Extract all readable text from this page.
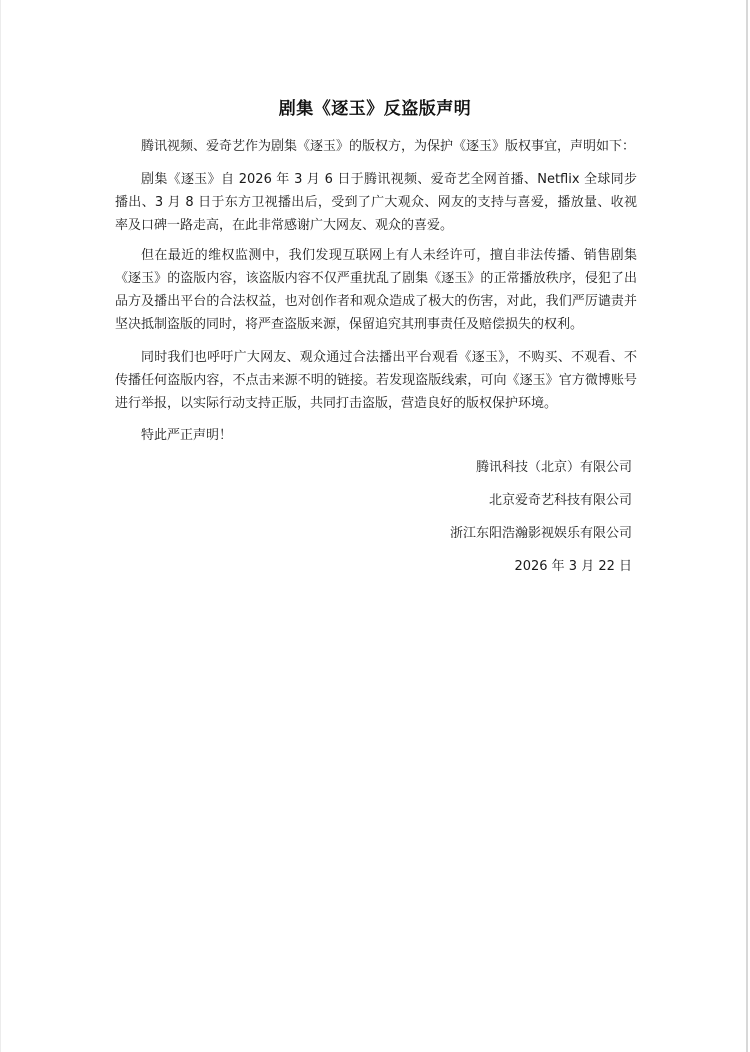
剧集《逐玉》反盗版声明

腾讯视频、爱奇艺作为剧集《逐玉》的版权方，为保护《逐玉》版权事宜，声明如下：

剧集《逐玉》自 2026 年 3 月 6 日于腾讯视频、爱奇艺全网首播、Netflix 全球同步播出、3 月 8 日于东方卫视播出后，受到了广大观众、网友的支持与喜爱，播放量、收视率及口碑一路走高，在此非常感谢广大网友、观众的喜爱。

但在最近的维权监测中，我们发现互联网上有人未经许可，擅自非法传播、销售剧集《逐玉》的盗版内容，该盗版内容不仅严重扰乱了剧集《逐玉》的正常播放秩序，侵犯了出品方及播出平台的合法权益，也对创作者和观众造成了极大的伤害，对此，我们严厉谴责并坚决抵制盗版的同时，将严查盗版来源，保留追究其刑事责任及赔偿损失的权利。

同时我们也呼吁广大网友、观众通过合法播出平台观看《逐玉》，不购买、不观看、不传播任何盗版内容，不点击来源不明的链接。若发现盗版线索，可向《逐玉》官方微博账号进行举报，以实际行动支持正版，共同打击盗版，营造良好的版权保护环境。

特此严正声明！

腾讯科技（北京）有限公司
北京爱奇艺科技有限公司
浙江东阳浩瀚影视娱乐有限公司
2026 年 3 月 22 日
